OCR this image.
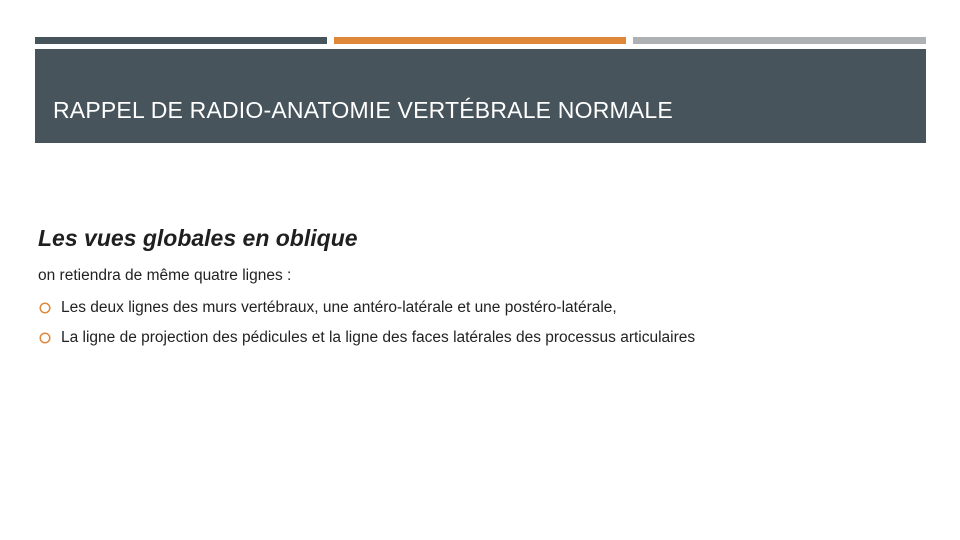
RAPPEL DE RADIO-ANATOMIE VERTÉBRALE NORMALE
Les vues globales en oblique

on retiendra de même quatre lignes :

Les deux lignes des murs vertébraux, une antéro-latérale et une postéro-latérale,
La ligne de projection des pédicules et la ligne des faces latérales des processus articulaires
